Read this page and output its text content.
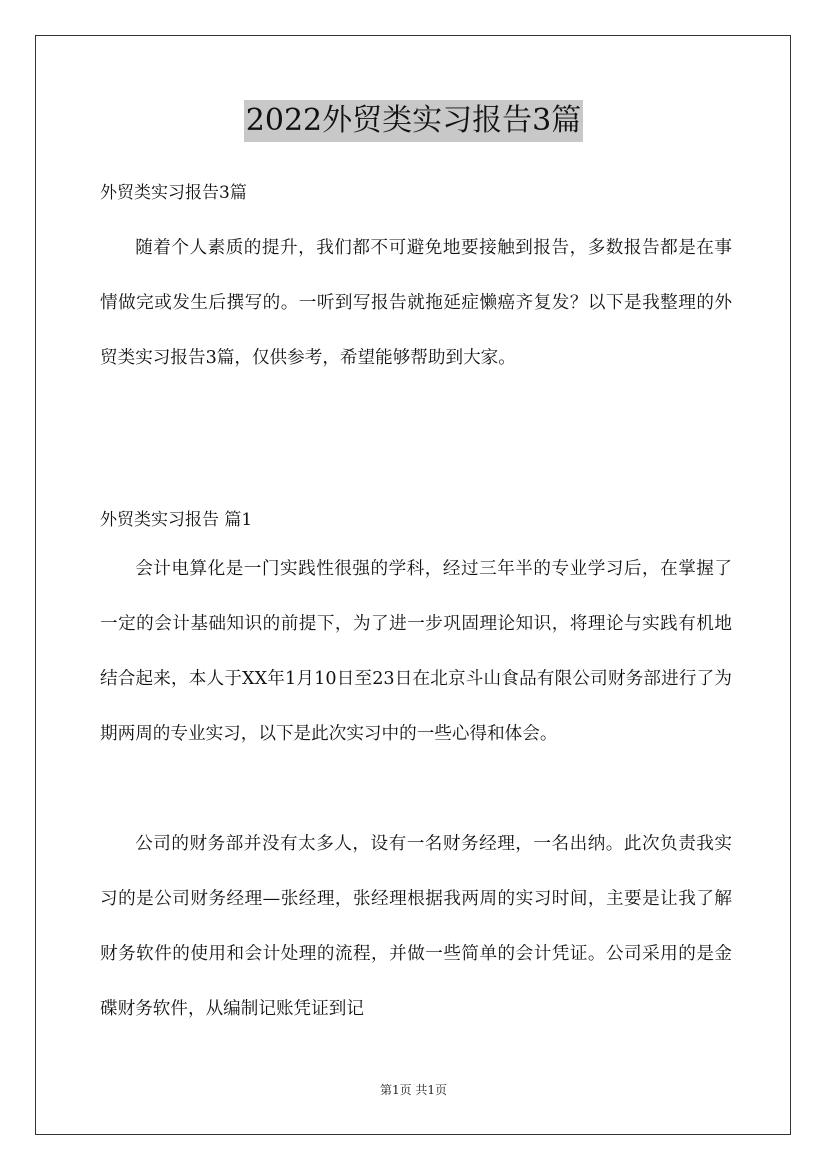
2022外贸类实习报告3篇
外贸类实习报告3篇

随着个人素质的提升，我们都不可避免地要接触到报告，多数报告都是在事情做完或发生后撰写的。一听到写报告就拖延症懒癌齐复发？以下是我整理的外贸类实习报告3篇，仅供参考，希望能够帮助到大家。

外贸类实习报告 篇1

会计电算化是一门实践性很强的学科，经过三年半的专业学习后，在掌握了一定的会计基础知识的前提下，为了进一步巩固理论知识，将理论与实践有机地结合起来，本人于XX年1月10日至23日在北京斗山食品有限公司财务部进行了为期两周的专业实习，以下是此次实习中的一些心得和体会。

公司的财务部并没有太多人，设有一名财务经理，一名出纳。此次负责我实习的是公司财务经理—张经理，张经理根据我两周的实习时间，主要是让我了解财务软件的使用和会计处理的流程，并做一些简单的会计凭证。公司采用的是金碟财务软件，从编制记账凭证到记

第1页 共1页
